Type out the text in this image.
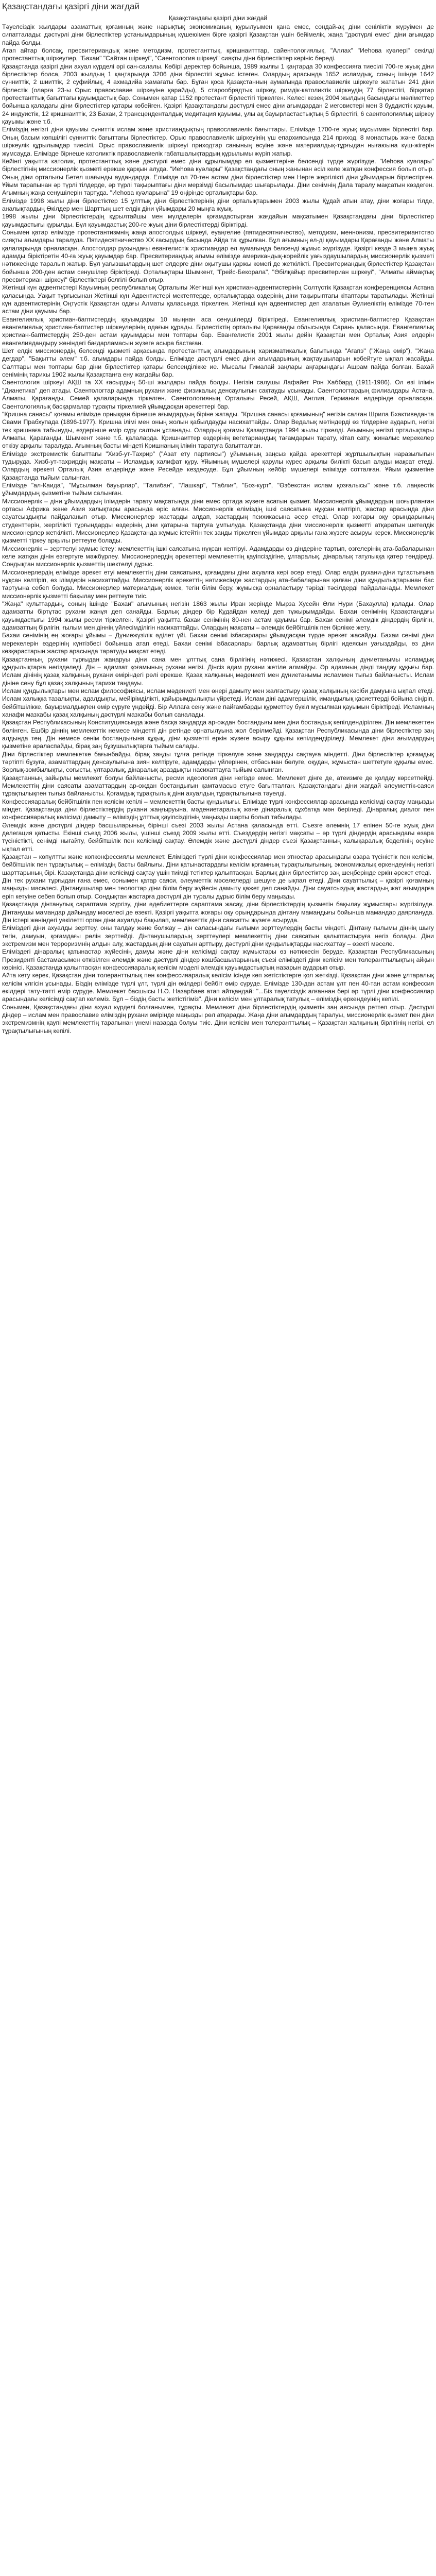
Қазақстандағы қазіргі діни жағдай
Қазақстандағы қазіргі діни жағдай

Тәуелсіздік жылдары азаматтық қоғамның және нарықтық экономиканың құрылуымен қана емес, сондай-ақ діни сеніліктік жүруімен де сипатталады: дәстүрлі діни бірлестіктер ұстанымдарының күшеюімен бірге қазіргі Қазақстан үшін бейімелік, жаңа "дәстүрлі емес" діни ағымдар пайда болды.

Атап айтар болсақ, пресвитериандық және методизм, протестанттық, кришнаитттар, сайентологиялық, "Аллах" "Иеһова куәлері" секілді протестанттық шіркеулер, "Бахаи" "Сайтан шіркеуі", "Саентология шіркеуі" сияқты діни бірлестіктер көрініс береді.

Қазақстанда қазіргі діни ахуал күрделі әрі сан-салалы. Көбірі деректер бойынша, 1989 жылғы 1 қаңтарда 30 конфессияға тиесілі 700-ге жуық діни бірлестіктер болса, 2003 жылдың 1 қаңтарында 3206 діни бірлестігі жұмыс істеген. Олардың арасында 1652 исламдық, соның ішінде 1642 сүнниттік, 2 шииттік, 2 суфийлық, 4 ахмадийа жамағаты бар. Бұған қоса Қазақстанның аумағында православиелік шіркеуге жататын 241 діни бірлестік (оларға 23-ы Орыс православие шіркеуіне қарайды), 5 старообрядтық шіркеу, римдік-католиктік шіркеудің 77 бірлестігі, бірқатар протестанттық бағыттағы қауымдастық бар. Сонымен қатар 1152 протестант бірлестігі тіркелген. Келесі кезең 2004 жылдың басындағы мәліметтер бойынша қаладағы діни бірлестіктер қатары көбейген. Қазіргі Қазақстандағы дәстүрлі емес діни ағымдардан 2 иеговистері мен 3 буддистік қауым, 24 индуистік, 12 кришнаиттік, 23 Бахаи, 2 трансценденталдық медитация қауымы, ұлы ақ бауырластастықтың 5 бірлестігі, 6 саентологиялық шіркеу қауымы жөне т.б.

Еліміздің негізгі діни қауымы сүниттік ислам және христиандықтың православиелік бағыттары. Елімізде 1700-ге жуық мұсылман бірлестігі бар. Оның басым көпшілігі сүнниттік бағыттағы бірлестіктер. Орыс православиелік шіркеуінің үш епархиясында 214 приход, 8 монастырь және басқа шіркеулік құрылымдар тиесілі. Орыс православиелік шіркеуі приходтар санының өсуіне және материалдық-тұрғыдан нығаюына күш-жігерін жұмсауда. Елімізде бірнеше католиктік православиелік габатшалықтардың құрылымы жүріп жатыр.

Кейінгі уақытта католик, протестанттық және дәстүрлі емес діни құрылымдар ел қызметтеріне белсенді түрде жүргізуде. "Иеһова куәлары" бірлестігінің миссионерлік қызметі ерекше қарқын алуда. "Иеһова куәлары" Қазақстандағы оның жанынан әсіл келе жатқан конфессия болып отыр. Оның діни орталығы Бетел шағынды аудандарда. Елімізде ол 70-тен астам діни бірлестіктер мен Нерге жергілікті діни ұйымдарын бірлестірген. Ұйым тарапынан әр түрлі тілдерде, әр түрлі тақырыптағы діни мерзімді басылымдар шығарылады. Діни сенімнің Дала таралу мақсатын көздеген. Ағымның жаңа сенушілерін тартуда. "Иеһова куәларына" 19 өңірінде орталықтары бар.

Елімізде 1998 жылы діни бірлестіктер 15 ұлттық діни бірлестіктерінің діни орталықтарымен 2003 жылы Құдай атын атау, діни жоғары тілде, аналықтардың Өкілдер мен Шарттың шет елдік діни ұйымдары 20 мыңға жуық.

1998 жылы діни бірлестіктердің құрылтайшы мен мүлделерін қоғамдастырған жағдайын мақсатымен Қазақстандағы діни бірлестіктер қауымдастығы құрылды. Бұл қауымдастық 200-ге жуық діни бірлестіктерді біріктірді.

Сонымен қатар елімізде протестантизмнің жаңа апостолдық шіркеуі, еуаңгелие (пятидесятничество), методизм, меннонизм, пресвитериантство сияқты ағымдары таралуда. Пятидесятничество ХХ ғасырдың басында Айда та құрылған. Бұл ағымның ел-ді қауымдары Қарағанды және Алматы қалаларында орналасқан. Апостолдар рухындағы евангелистік христиандар ел аумағында белсенді жұмыс жүргізуде. Қазіргі кезде 3 мыңға жуық адамды біріктіретін 40-ға жуық қауымдар бар. Пресвитериандық ағымы елімізде американдық-корейлік уағыздаушылардың миссионерлік қызметі нәтижесінде таралып жатыр. Бұл уағызшылардың шет елдерге діни оқытушы қаржы көмегі де жеткілікті. Пресвитериандық бірлестіктер Қазақстан бойынша 200-ден астам сенушілер біріктіреді. Орталықтары Шымкент, "Грейс-Бекорала", "Әбілқайыр пресвитериан шіркеуі", "Алматы аймақтық пресвитериан шіркеуі" бірлестіктері белгілі болып отыр.

Жетінші күн адвентистері Кауымның республикалық Орталығы Жетінші күн христиан-адвентистерінің Солтүстік Қазақстан конференциясы Астана қаласында. Уақыт тұрғысынан Жетінші күн Адвентистері мектептерде, орталықтарда өздерінің діни тақырыптағы кітаптары таратылады. Жетінші күн адвентистерінің Оңтүстік Қазақстан одағы Алматы қаласында тіркелген. Жетінші күн адвентистер деп аталатын Әулиеліктің елімізде 70-тен астам діни қауымы бар.

Евангелиялық христиан-баптистердің қауымдары 10 мыңнан аса сенушілерді біріктіреді. Евангелиялық христиан-баптистер Қазақстан евангелиялық христиан-баптистер шіркеулерінің одағын құрады. Бірлестіктің орталығы Қарағанды облысында Сарань қаласында. Евангелиялық христиан-баптистердің 250-ден астам қауымдары мен топтары бар. Евангелистік 2001 жылы дейін Қазақстан мен Орталық Азия елдерін евангелиядандыру жөніндегі бағдарламасын жүзеге асыра бастаған.

Шет елдік миссионердің белсенді қызметі арқасында протестанттық ағымдарының харизматикалық бағытында "Агапэ" ("Жаңа өмір"), "Жаңа дегдар", "Бақытты әлем" т.б. ағымдары пайда болды. Елімізде дәстүрлі емес діни ағымдарының жақтаушыларын көбейтуге ықпал жасайды. Салттары мен топтары бар діни бірлестіктер қатары белсенділікке ие. Мысалы Гималай заңлары аңғарындағы Ашрам пайда болған. Бахай сенімінің тарихы 1902 жылы Қазақстанға ену жағдайы бар.

Саентология шіркеуі АҚШ та ХХ ғасырдың 50-ші жылдары пайда болды. Негізін салушы Лафайет Рон Хаббард (1911-1986). Ол өзі ілімін "Дианетика" деп атады. Саентологтар адамның рухани және физикалық денсаулығын сақтауды ұсынады. Саентологтардың филиалдары Астана, Алматы, Қарағанды, Семей қалаларында тіркелген. Саентологияның Орталығы Ресей, АҚШ, Англия, Германия елдерінде орналасқан. Саентологиялық басқармалар тұрақты тіркелмей ұйымдасқан әрекеттері бар.

"Кришна санасы" қоғамы елімізде орныққан бірнеше ағымдардың біріне жатады. "Кришна санасы қоғамының" негізін салған Шрила Бхактиведанта Свами Прабхупада (1896-1977). Кришна ілімі мен оның жолын қабылдауды насихаттайды. Олар Ведалық мәтіндерді өз тілдеріне аударып, негізі тек кришнаға табынуды, өздерінше өмір сүру салтын ұстанады. Олардың қоғамы Қазақстанда 1994 жылы тіркелді. Ағымның негізгі орталықтары Алматы, Қарағанды, Шымкент және т.б. қалаларда. Кришнаиттер өздерінің вегетариандық тағамдарын тарату, кітап сату, жиналыс мерекелер өткізу арқылы таралуда. Ағымның басты міндеті Кришнаның ілімін таратуға бағытталған.

Елімізде экстремистік бағыттағы "Хизб-ут-Тахрир" ("Азат ету партиясы") ұйымының заңсыз қайда әрекеттері жұртшылықтың наразылығын тудыруда. Хизб-ут-тахрирдің мақсаты – Исламдық халифат құру. Ұйымның мүшелері қарулы күрес арқылы билікті басып алуды мақсат етеді. Олардың әрекеті Орталық Азия елдерінде және Ресейде кездесуде. Бұл ұйымның кейбір мүшелері елімізде сотталған. Ұйым қызметіне Қазақстанда тыйым салынған.

Елімізде "ал-Каида", "Мұсылман бауырлар", "Талибан", "Лашкар", "Таблиғ", "Боз-курт", "Өзбекстан ислам қозғалысы" және т.б. лаңкестік ұйымдардың қызметіне тыйым салынған.

Миссионерлік – діни ұйымдардың ілімдерін тарату мақсатында діни емес ортада жүзеге асатын қызмет. Миссионерлік ұйымдардың шоғырланған ортасы Африка және Азия халықтары арасында өріс алған. Миссионерлік еліміздің ішкі саясатына нұқсан келтіріп, жастар арасында діни сауатсыздықты пайдаланып отыр. Миссионерлер жастарды алдап, жастардың психикасына әсер етеді. Олар жоғары оқу орындарының студенттерін, жергілікті тұрғындарды өздерінің діни қатарына тартуға ұмтылуда. Қазақстанда діни миссионерлік қызметті атқаратын шетелдік миссионерлер жеткілікті. Миссионерлер Қазақстанда жұмыс істейтін тек заңды тіркелген ұйымдар арқылы ғана жүзеге асыруы керек. Миссионерлік қызметті тіркеу арқылы реттеуге болады.

Миссионерлік – зерттелуі жұмыс істеу: мемлекеттің ішкі саясатына нұқсан келтіруі. Адамдарды өз діндеріне тартып, өзгелерінің ата-бабаларынан келе жатқан дінін өзгертуге мәжбүрлеу. Миссионерлердің әрекеттері мемлекеттің қауіпсіздігіне, ұлтаралық, дінаралық татулыққа қатер төндіреді. Сондықтан миссионерлік қызметтің шектелуі дұрыс.

Миссионерлердің елімізде әрекет етуі мемлекеттің діни саясатына, қоғамдағы діни ахуалға кері әсер етеді. Олар елдің рухани-діни тұтастығына нұқсан келтіріп, өз ілімдерін насихаттайды. Миссионерлік әрекеттің нәтижесінде жастардың ата-бабаларынан қалған діни құндылықтарынан бас тартуына себеп болуда. Миссионерлер материалдық көмек, тегін білім беру, жұмысқа орналастыру тәрізді тәсілдерді пайдаланады. Мемлекет миссионерлік қызметті бақылау мен реттеуге тиіс.

"Жаңа" культтардың, соның ішінде "Бахаи" ағымының негізін 1863 жылы Иран жерінде Мырза Хусейн Әли Нури (Бахаулла) қалады. Олар адамзатты біртұтас рухани жанұя деп санайды. Барлық діндер бір Құдайдан келеді деп тұжырымдайды. Бахаи сенімінің Қазақстандағы қауымдастығы 1994 жылы ресми тіркелген. Қазіргі уақытта бахаи сенімінің 80-нен астам қауымы бар. Бахаи сенімі әлемдік діндердің бірлігін, адамзаттың бірлігін, ғылым мен діннің үйлесімділігін насихаттайды. Олардың мақсаты – әлемдік бейбітшілік пен бірлікке жету.

Бахаи сенімінің ең жоғары ұйымы – Дүниежүзілік әділет үйі. Бахаи сенімі ізбасарлары ұйымдасқан түрде әрекет жасайды. Бахаи сенімі діни мерекелерін өздерінің күнтізбесі бойынша атап өтеді. Бахаи сенімі ізбасарлары барлық адамзаттың бірлігі идеясын уағыздайды, өз діни көзқарастарын жастар арасында таратуды мақсат етеді.

Қазақстанның рухани тұрғыдан жаңаруы діни сана мен ұлттық сана бірлігінің нәтижесі. Қазақстан халқының дүниетанымы исламдық құндылықтарға негізделеді. Дін – адамзат қоғамының рухани негізі. Дінсіз адам рухани жетіле алмайды. Әр адамның дінді таңдау құқығы бар. Ислам дінінің қазақ халқының рухани өміріндегі рөлі ерекше. Қазақ халқының мәдениеті мен дүниетанымы исламмен тығыз байланысты. Ислам дініне сену бұл қазақ халқының тарихи таңдауы.

Ислам құндылықтары мен ислам философиясы, ислам мәдениеті мен өнері дамыту мен жалғастыру қазақ халқының кәсіби дамуына ықпал етеді. Ислам халыққа тазалықты, адалдықты, мейірімділікті, қайырымдылықты үйретеді. Ислам діні адамгершілік, имандылық қасиеттерді бойына сіңіріп, бейбітшілікке, бауырмалдықпен өмір сүруге үндейді. Бір Аллаға сену және пайғамбарды құрметтеу бүкіл мұсылман қауымын біріктіреді. Исламның ханафи мазхабы қазақ халқының дәстүрлі мазхабы болып саналады.

Қазақстан Республикасының Конституциясында және басқа заңдарда ар-ождан бостандығы мен діни бостандық кепілдендірілген. Дін мемлекеттен бөлінген. Ешбір діннің мемлекеттік немесе міндетті дін ретінде орнатылуына жол берілмейді. Қазақстан Республикасында діни бірлестіктер заң алдында тең. Дін немесе сенім бостандығына құқық, діни қызметті еркін жүзеге асыру құқығы кепілдендіріледі. Мемлекет діни ағымдардың қызметіне араласпайды, бірақ заң бұзушылықтарға тыйым салады.

Діни бірлестіктер мемлекетке бағынбайды, бірақ заңды тұлға ретінде тіркелуге және заңдарды сақтауға міндетті. Діни бірлестіктер қоғамдық тәртіпті бұзуға, азаматтардың денсаулығына зиян келтіруге, адамдарды үйлерінен, отбасынан бөлуге, оқудан, жұмыстан шеттетуге құқылы емес. Зорлық-зомбылықты, соғысты, ұлтаралық, дінаралық араздықты насихаттауға тыйым салынған.

Қазақстанның зайырлы мемлекет болуы байланысты, ресми идеология діни негізде емес. Мемлекет дінге де, атеизмге де қолдау көрсетпейді. Мемлекеттің діни саясаты азаматтардың ар-ождан бостандығын қамтамасыз етуге бағытталған. Қазақстандағы діни жағдай әлеуметтік-саяси тұрақтылықпен тығыз байланысты. Қоғамдық тұрақтылық діни ахуалдың тұрақтылығына тәуелді.

Конфессияаралық бейбітшілік пен келісім кепілі – мемлекеттің басты құндылығы. Елімізде түрлі конфессиялар арасында келісімді сақтау маңызды міндет. Қазақстанда діни бірлестіктердің рухани жаңғыруына, мәдениетаралық және дінаралық сұхбатқа мән беріледі. Дінаралық диалог пен конфессияаралық келісімді дамыту – еліміздің ұлттық қауіпсіздігінің маңызды шарты болып табылады.

Әлемдік және дәстүрлі діндер басшыларының бірінші съезі 2003 жылы Астана қаласында өтті. Съезге әлемнің 17 елінен 50-ге жуық діни делегация қатысты. Екінші съезд 2006 жылы, үшінші съезд 2009 жылы өтті. Съездердің негізгі мақсаты – әр түрлі діндердің арасындағы өзара түсіністікті, сенімді нығайту, бейбітшілік пен келісімді сақтау. Әлемдік және дәстүрлі діндер съезі Қазақстанның халықаралық беделінің өсуіне ықпал етті.

Қазақстан – көпұлтты және көпконфессиялы мемлекет. Еліміздегі түрлі діни конфессиялар мен этностар арасындағы өзара түсіністік пен келісім, бейбітшілік пен тұрақтылық – еліміздің басты байлығы. Діни қатынастардағы келісім қоғамның тұрақтылығының, экономикалық өркендеуінің негізгі шарттарының бірі. Қазақстанда діни келісімді сақтау үшін тиімді тетіктер қалыптасқан. Барлық діни бірлестіктер заң шеңберінде еркін әрекет етеді.

Дін тек рухани тұрғыдан ғана емес, сонымен қатар саяси, әлеуметтік мәселелерді шешуге де ықпал етеді. Діни сауаттылық – қазіргі қоғамның маңызды мәселесі. Дінтанушылар мен теологтар діни білім беру жүйесін дамыту қажет деп санайды. Діни сауатсыздық жастардың жат ағымдарға еріп кетуіне себеп болып отыр. Сондықтан жастарға дәстүрлі дін туралы дұрыс білім беру маңызды.

Қазақстанда дінтанулық сараптама жүргізу, діни әдебиеттерге сараптама жасау, діни бірлестіктердің қызметін бақылау жұмыстары жүргізілуде. Дінтанушы мамандар дайындау мәселесі де өзекті. Қазіргі уақытта жоғары оқу орындарында дінтану мамандығы бойынша мамандар даярлануда. Дін істері жөніндегі уәкілетті орган діни ахуалды бақылап, мемлекеттік діни саясатты жүзеге асыруда.

Еліміздегі діни ахуалды зерттеу, оны талдау және болжау – дін саласындағы ғылыми зерттеулердің басты міндеті. Дінтану ғылымы діннің шығу тегін, дамуын, қоғамдағы рөлін зерттейді. Дінтанушылардың зерттеулері мемлекеттің діни саясатын қалыптастыруға негіз болады. Діни экстремизм мен терроризмнің алдын алу, жастардың діни сауатын арттыру, дәстүрлі діни құндылықтарды насихаттау – өзекті мәселе.

Еліміздегі дінаралық қатынастар жүйесінің дамуы және діни келісімді сақтау жұмыстары өз нәтижесін беруде. Қазақстан Республикасының Президенті бастамасымен өткізілген әлемдік және дәстүрлі діндер көшбасшыларының съезі еліміздегі діни келісім мен толеранттылықтың айқын көрінісі. Қазақстанда қалыптасқан конфессияаралық келісім моделі әлемдік қауымдастықтың назарын аударып отыр.

Айта кету керек, Қазақстан діни толеранттылық пен конфессияаралық келісім ісінде көп жетістіктерге қол жеткізді. Қазақстан діни және ұлтаралық келісім үлгісін ұсынады. Біздің елімізде түрлі ұлт, түрлі дін өкілдері бейбіт өмір сүруде. Елімізде 130-дан астам ұлт пен 40-тан астам конфессия өкілдері тату-тәтті өмір сүруде. Мемлекет басшысы Н.Ә. Назарбаев атап айтқандай: "...Біз тәуелсіздік алғаннан бері әр түрлі діни конфессиялар арасындағы келісімді сақтап келеміз. Бұл – біздің басты жетістігіміз". Діни келісім мен ұлтаралық татулық – еліміздің өркендеуінің кепілі.

Сонымен, Қазақстандағы діни ахуал күрделі болғанымен, тұрақты. Мемлекет діни бірлестіктердің қызметін заң аясында реттеп отыр. Дәстүрлі діндер – ислам мен православие еліміздің рухани өмірінде маңызды рөл атқарады. Жаңа діни ағымдардың таралуы, миссионерлік қызмет пен діни экстремизмнің қаупі мемлекеттің тарапынан үнемі назарда болуы тиіс. Діни келісім мен толеранттылық – Қазақстан халқының бірлігінің негізі, ел тұрақтылығының кепілі.
